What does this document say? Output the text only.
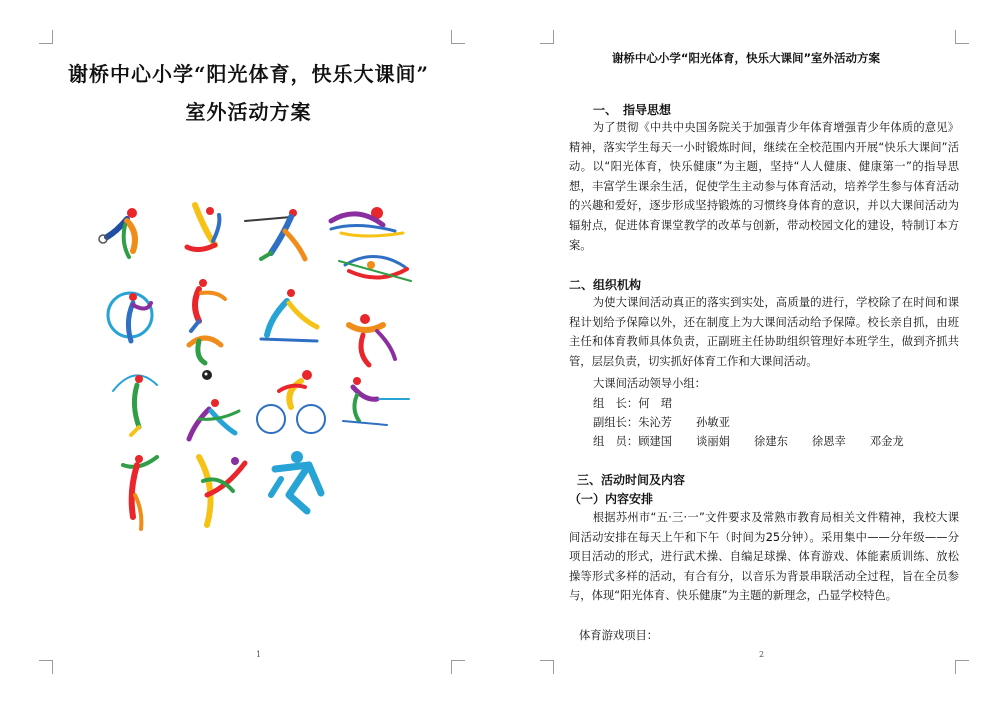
谢桥中心小学“阳光体育，快乐大课间”
室外活动方案
1
谢桥中心小学“阳光体育，快乐大课间”室外活动方案
一、　指导思想
为了贯彻《中共中央国务院关于加强青少年体育增强青少年体质的意见》精神，落实学生每天一小时锻炼时间，继续在全校范围内开展“快乐大课间”活动。以“阳光体育，快乐健康”为主题，坚持“人人健康、健康第一”的指导思想，丰富学生课余生活，促使学生主动参与体育活动，培养学生参与体育活动的兴趣和爱好，逐步形成坚持锻炼的习惯终身体育的意识，并以大课间活动为辐射点，促进体育课堂教学的改革与创新，带动校园文化的建设，特制订本方案。
二、组织机构
为使大课间活动真正的落实到实处，高质量的进行，学校除了在时间和课程计划给予保障以外，还在制度上为大课间活动给予保障。校长亲自抓，由班主任和体育教师具体负责，正副班主任协助组织管理好本班学生，做到齐抓共管，层层负责，切实抓好体育工作和大课间活动。
大课间活动领导小组：
组　长：何　珺
副组长：朱沁芳 孙敏亚
组　员：顾建国 谈丽娟 徐建东 徐恩幸 邓金龙
三、活动时间及内容
（一）内容安排
根据苏州市“五·三·一”文件要求及常熟市教育局相关文件精神，我校大课间活动安排在每天上午和下午（时间为25分钟）。采用集中——分年级——分项目活动的形式，进行武术操、自编足球操、体育游戏、体能素质训练、放松操等形式多样的活动，有合有分，以音乐为背景串联活动全过程，旨在全员参与，体现“阳光体育、快乐健康”为主题的新理念，凸显学校特色。
体育游戏项目：
2
